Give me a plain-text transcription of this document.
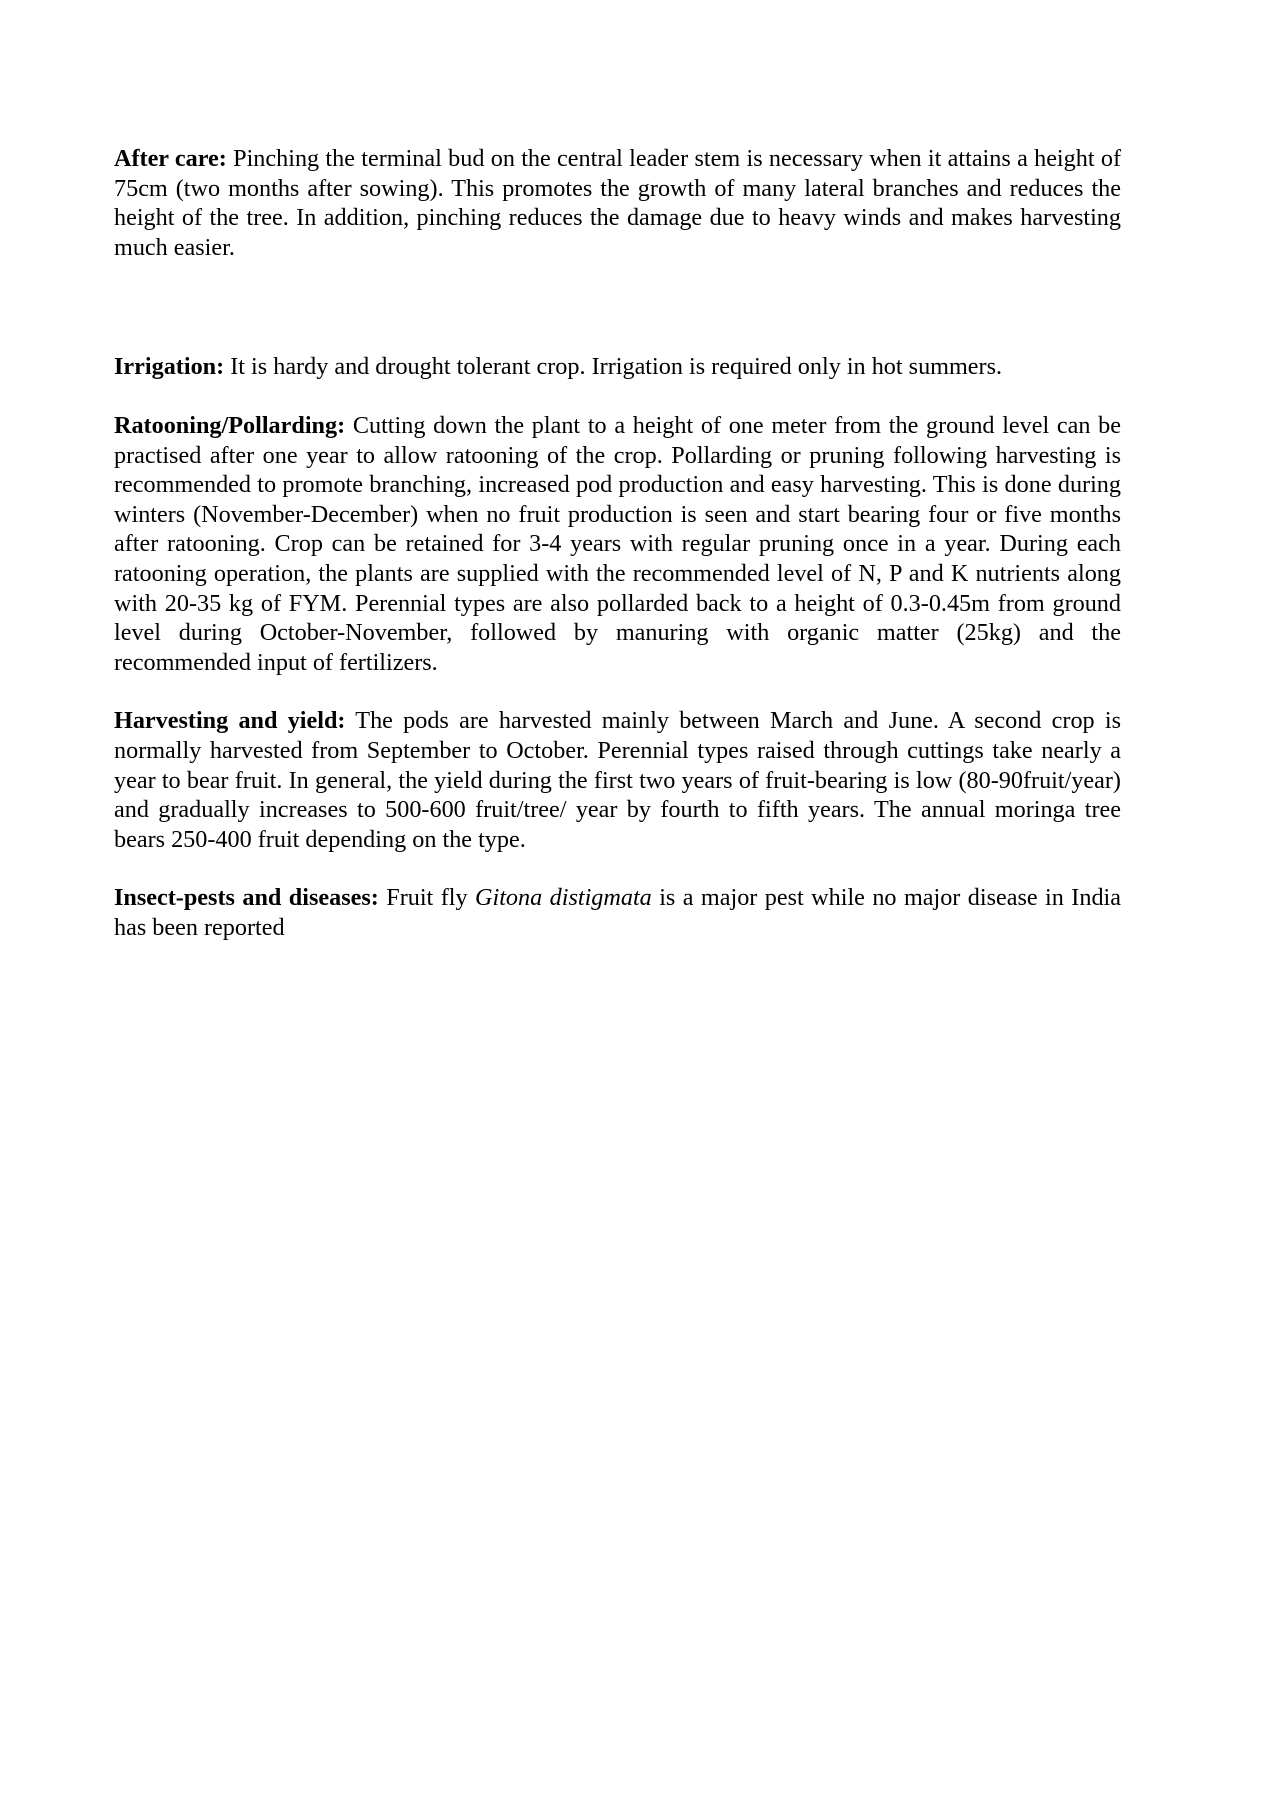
After care: Pinching the terminal bud on the central leader stem is necessary when it attains a height of 75cm (two months after sowing). This promotes the growth of many lateral branches and reduces the height of the tree. In addition, pinching reduces the damage due to heavy winds and makes harvesting much easier.

Irrigation: It is hardy and drought tolerant crop. Irrigation is required only in hot summers.

Ratooning/Pollarding: Cutting down the plant to a height of one meter from the ground level can be practised after one year to allow ratooning of the crop. Pollarding or pruning following harvesting is recommended to promote branching, increased pod production and easy harvesting. This is done during winters (November-December) when no fruit production is seen and start bearing four or five months after ratooning. Crop can be retained for 3-4 years with regular pruning once in a year. During each ratooning operation, the plants are supplied with the recommended level of N, P and K nutrients along with 20-35 kg of FYM. Perennial types are also pollarded back to a height of 0.3-0.45m from ground level during October-November, followed by manuring with organic matter (25kg) and the recommended input of fertilizers.

Harvesting and yield: The pods are harvested mainly between March and June. A second crop is normally harvested from September to October. Perennial types raised through cuttings take nearly a year to bear fruit. In general, the yield during the first two years of fruit-bearing is low (80-90fruit/year) and gradually increases to 500-600 fruit/tree/ year by fourth to fifth years. The annual moringa tree bears 250-400 fruit depending on the type.

Insect-pests and diseases: Fruit fly Gitona distigmata is a major pest while no major disease in India has been reported
